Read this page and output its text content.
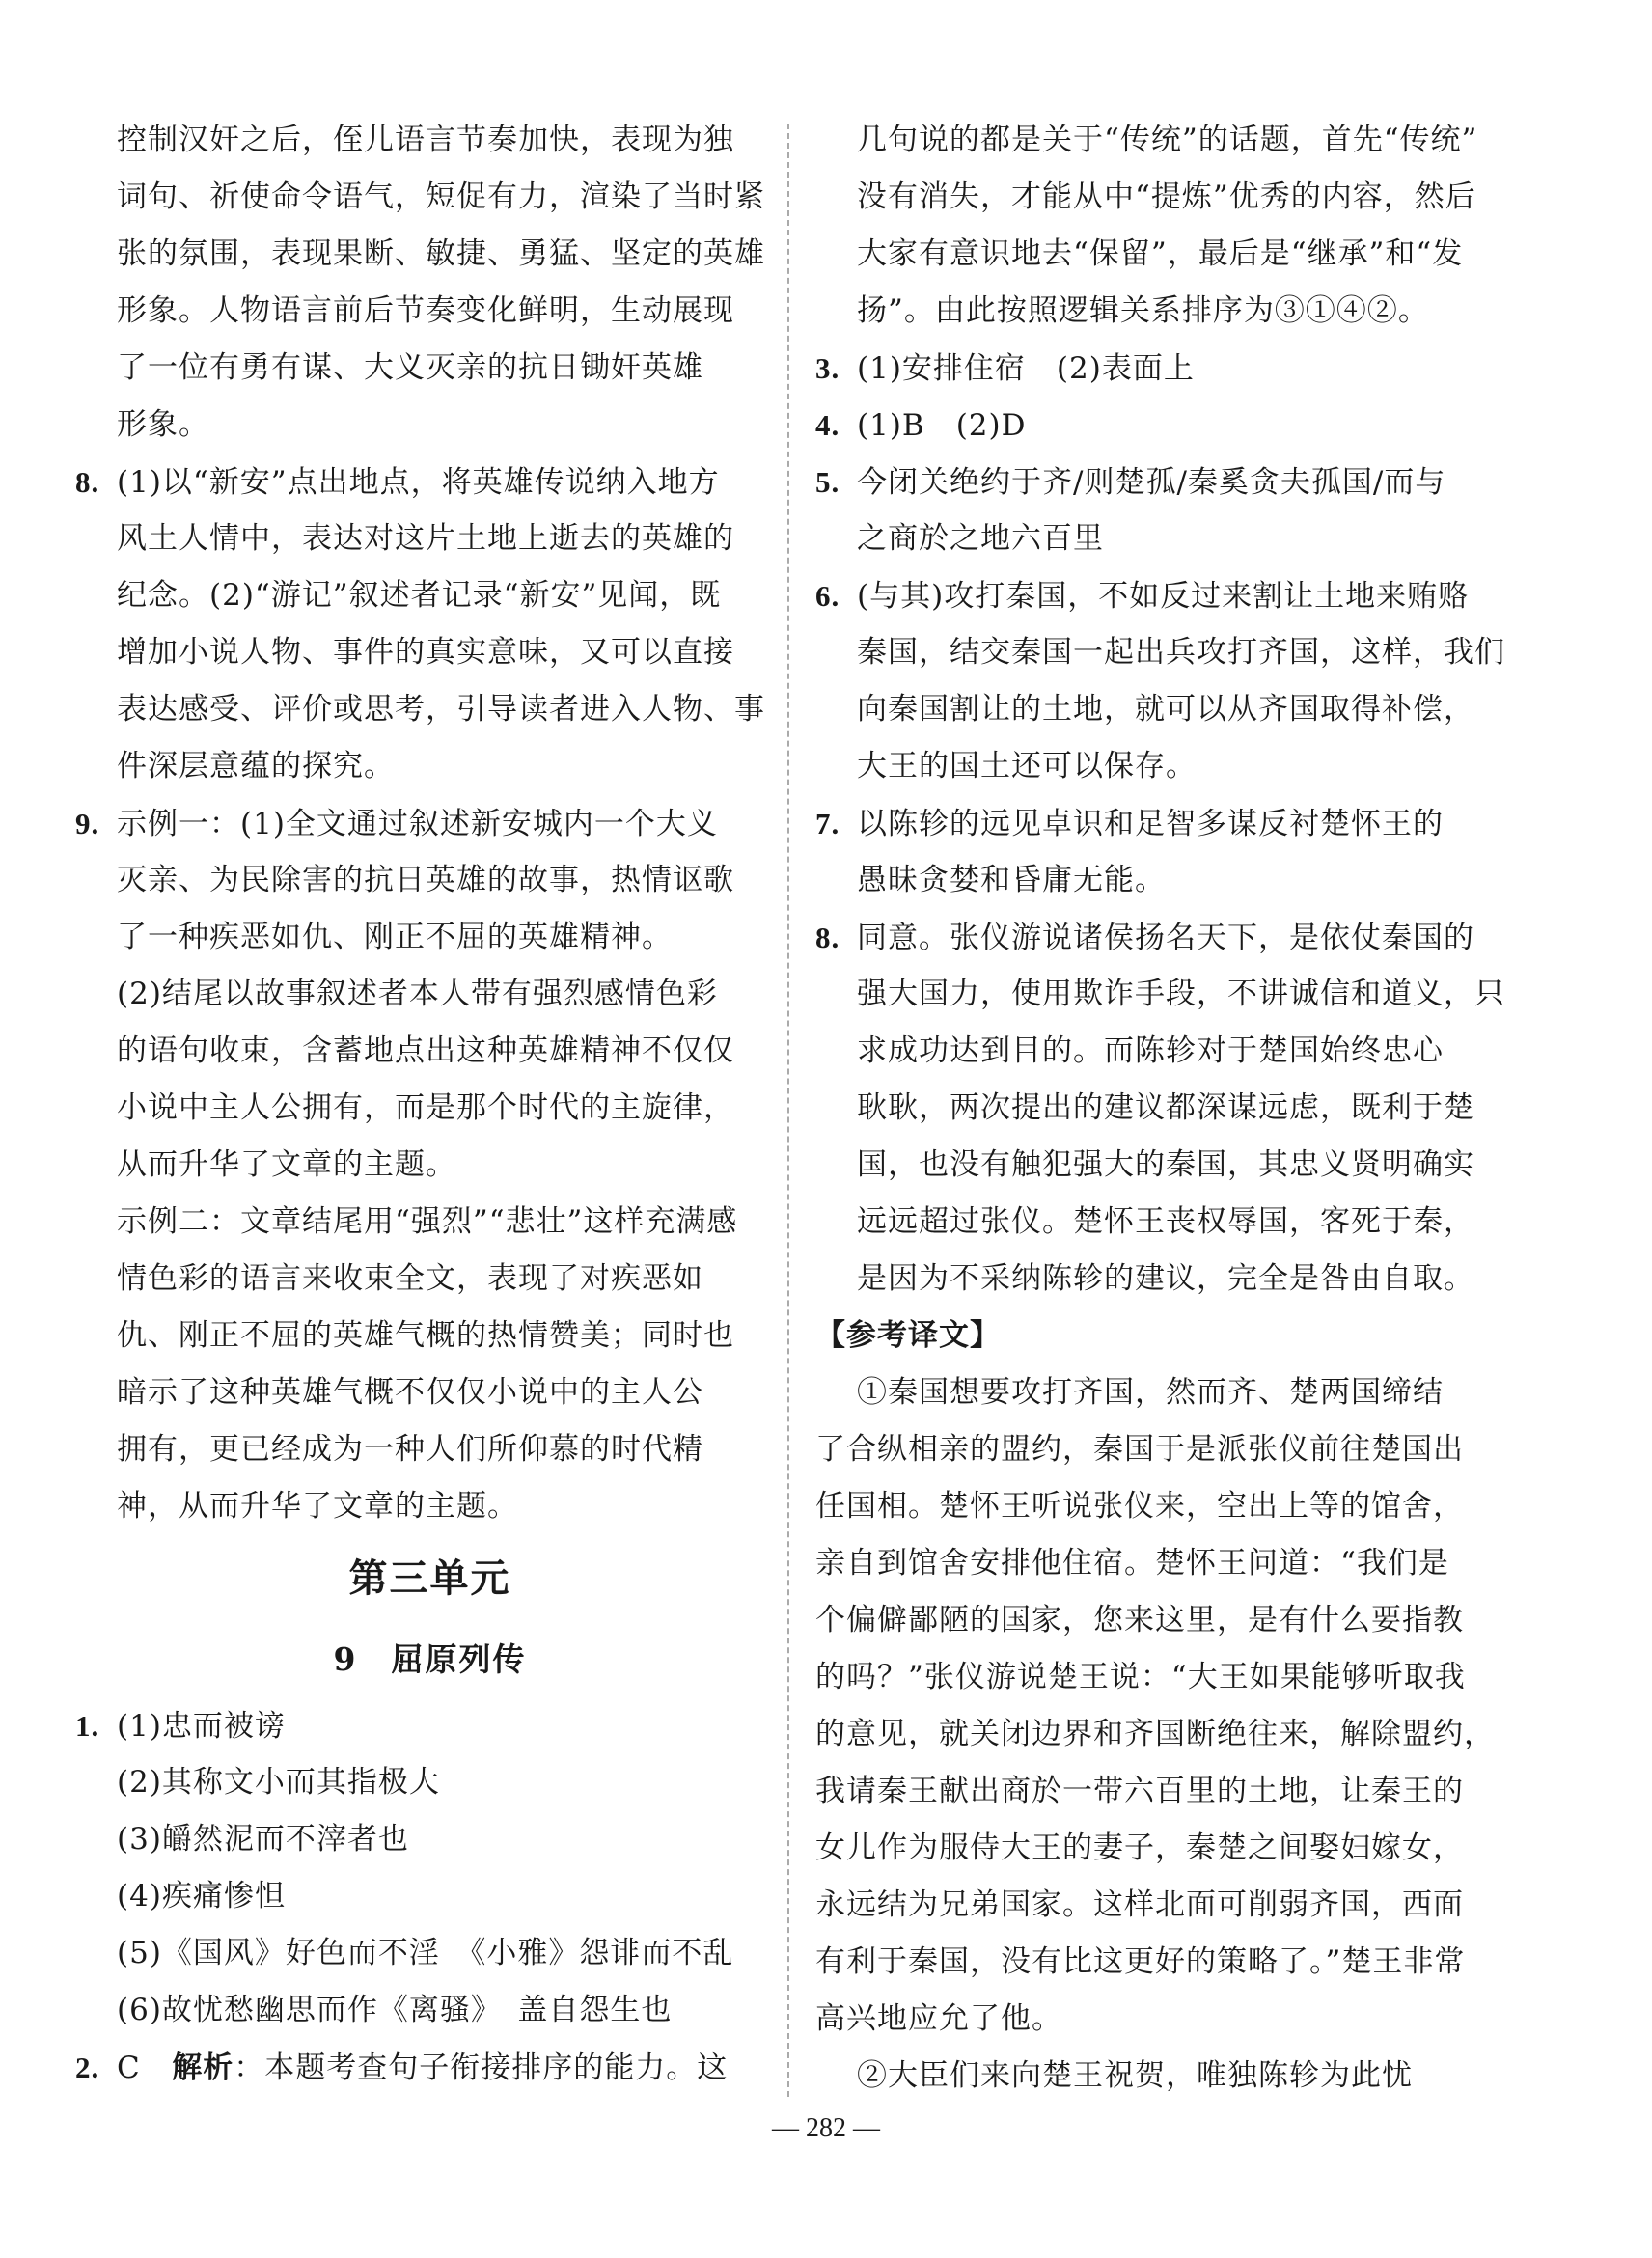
控制汉奸之后，侄儿语言节奏加快，表现为独
词句、祈使命令语气，短促有力，渲染了当时紧
张的氛围，表现果断、敏捷、勇猛、坚定的英雄
形象。人物语言前后节奏变化鲜明，生动展现
了一位有勇有谋、大义灭亲的抗日锄奸英雄
形象。
8. (1)以“新安”点出地点，将英雄传说纳入地方
风土人情中，表达对这片土地上逝去的英雄的
纪念。(2)“游记”叙述者记录“新安”见闻，既
增加小说人物、事件的真实意味，又可以直接
表达感受、评价或思考，引导读者进入人物、事
件深层意蕴的探究。
9. 示例一：(1)全文通过叙述新安城内一个大义
灭亲、为民除害的抗日英雄的故事，热情讴歌
了一种疾恶如仇、刚正不屈的英雄精神。
(2)结尾以故事叙述者本人带有强烈感情色彩
的语句收束，含蓄地点出这种英雄精神不仅仅
小说中主人公拥有，而是那个时代的主旋律，
从而升华了文章的主题。
示例二：文章结尾用“强烈”“悲壮”这样充满感
情色彩的语言来收束全文，表现了对疾恶如
仇、刚正不屈的英雄气概的热情赞美；同时也
暗示了这种英雄气概不仅仅小说中的主人公
拥有，更已经成为一种人们所仰慕的时代精
神，从而升华了文章的主题。
第三单元
9　屈原列传
1. (1)忠而被谤
(2)其称文小而其指极大
(3)皭然泥而不滓者也
(4)疾痛惨怛
(5)《国风》好色而不淫　《小雅》怨诽而不乱
(6)故忧愁幽思而作《离骚》　盖自怨生也
2. C 解析：本题考查句子衔接排序的能力。这
几句说的都是关于“传统”的话题，首先“传统”
没有消失，才能从中“提炼”优秀的内容，然后
大家有意识地去“保留”，最后是“继承”和“发
扬”。由此按照逻辑关系排序为③①④②。
3. (1)安排住宿　(2)表面上
4. (1)B　(2)D
5. 今闭关绝约于齐/则楚孤/秦奚贪夫孤国/而与
之商於之地六百里
6. (与其)攻打秦国，不如反过来割让土地来贿赂
秦国，结交秦国一起出兵攻打齐国，这样，我们
向秦国割让的土地，就可以从齐国取得补偿，
大王的国土还可以保存。
7. 以陈轸的远见卓识和足智多谋反衬楚怀王的
愚昧贪婪和昏庸无能。
8. 同意。张仪游说诸侯扬名天下，是依仗秦国的
强大国力，使用欺诈手段，不讲诚信和道义，只
求成功达到目的。而陈轸对于楚国始终忠心
耿耿，两次提出的建议都深谋远虑，既利于楚
国，也没有触犯强大的秦国，其忠义贤明确实
远远超过张仪。楚怀王丧权辱国，客死于秦，
是因为不采纳陈轸的建议，完全是咎由自取。
【参考译文】
①秦国想要攻打齐国，然而齐、楚两国缔结
了合纵相亲的盟约，秦国于是派张仪前往楚国出
任国相。楚怀王听说张仪来，空出上等的馆舍，
亲自到馆舍安排他住宿。楚怀王问道：“我们是
个偏僻鄙陋的国家，您来这里，是有什么要指教
的吗？”张仪游说楚王说：“大王如果能够听取我
的意见，就关闭边界和齐国断绝往来，解除盟约，
我请秦王献出商於一带六百里的土地，让秦王的
女儿作为服侍大王的妻子，秦楚之间娶妇嫁女，
永远结为兄弟国家。这样北面可削弱齐国，西面
有利于秦国，没有比这更好的策略了。”楚王非常
高兴地应允了他。
②大臣们来向楚王祝贺，唯独陈轸为此忧
— 282 —
